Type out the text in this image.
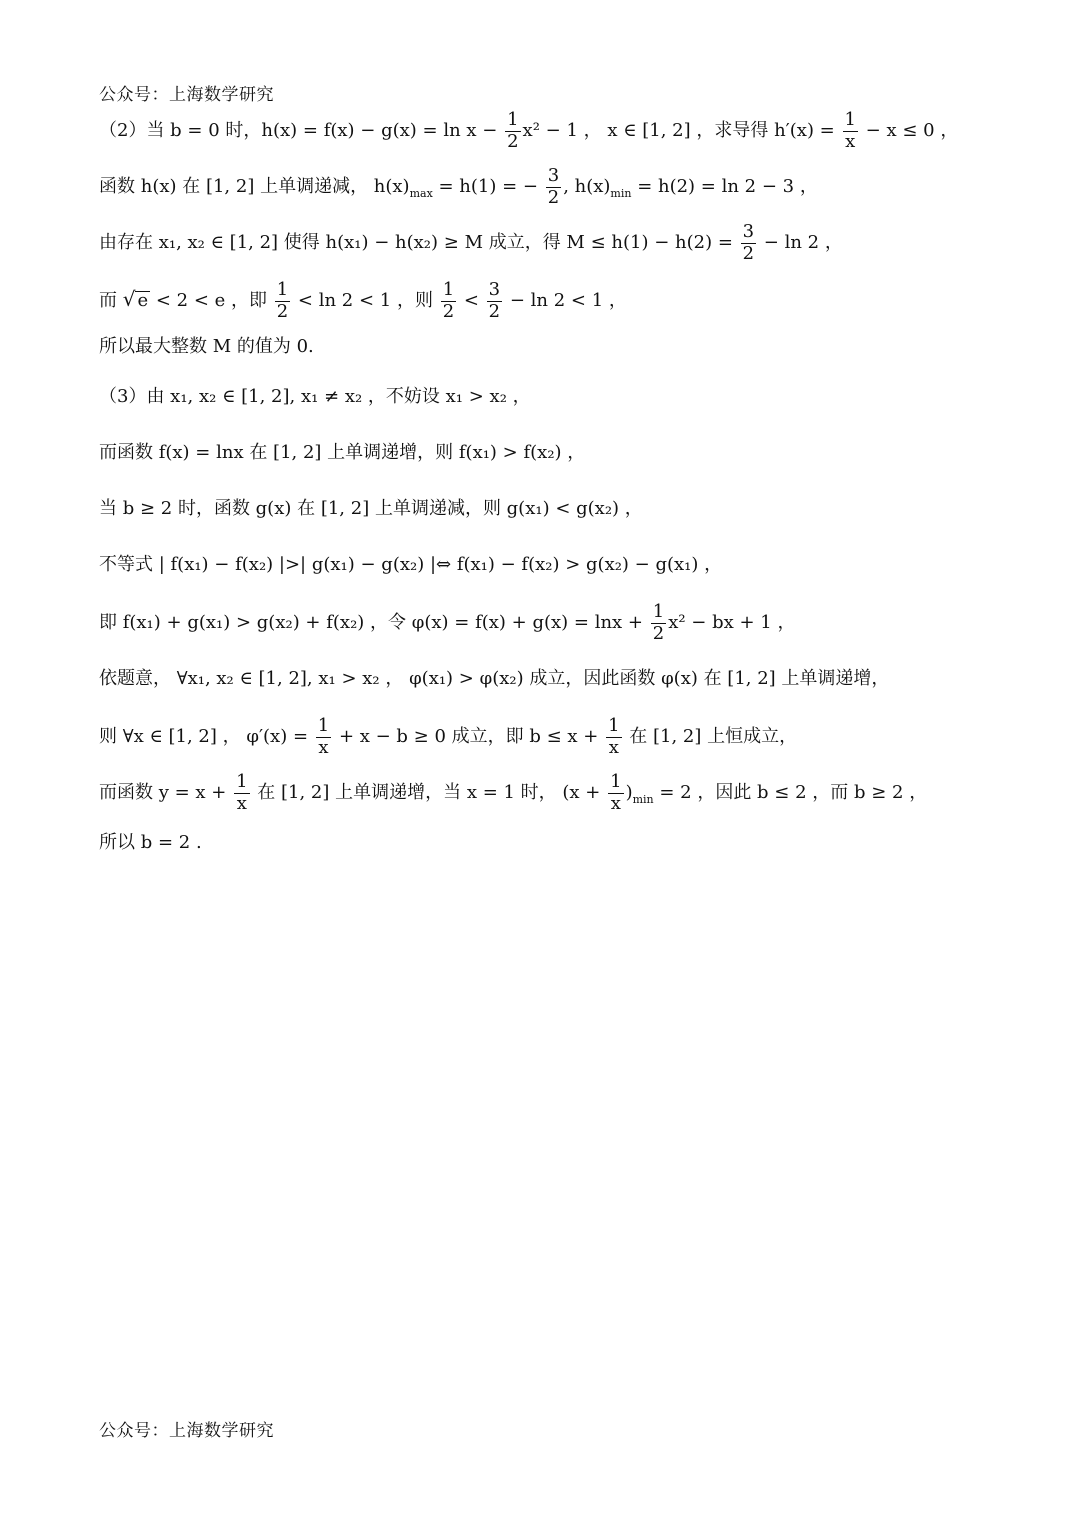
公众号：上海数学研究
（2）当 b = 0 时，$h(x) = f(x) - g(x) = \ln x - \frac{1}{2} x^2 - 1$ ， x ∈ [1, 2] ，求导得 $h'(x) = \frac{1}{x} - x \le 0$ ，
函数 h(x) 在 [1, 2] 上单调递减， $h(x)_{max} = h(1)$ = − $\frac{3}{2}$ , $h(x)_{min} = h(2) = \ln 2 - 3$ ，
由存在 x₁, x₂ ∈ [1, 2] 使得 h(x₁) − h(x₂) ≥ M 成立，得 $M \le h(1) - h(2) = \frac{3}{2} - \ln 2$ ，
而 √ e < 2 < e ，即 $\frac{1}{2} < \ln 2 < 1$ ，则 $\frac{1}{2} < \frac{3}{2} - \ln 2 < 1$ ，
所以最大整数 M 的值为 0.
（3）由 x₁, x₂ ∈ [1, 2], x₁ ≠ x₂ ，不妨设 x₁ > x₂ ，
而函数 f(x) = lnx 在 [1, 2] 上单调递增，则 f(x₁) > f(x₂) ，
当 b ≥ 2 时，函数 g(x) 在 [1, 2] 上单调递减，则 g(x₁) < g(x₂) ，
不等式 | f(x₁) − f(x₂) |>| g(x₁) − g(x₂) |⇔ f(x₁) − f(x₂) > g(x₂) − g(x₁) ，
即 f(x₁) + g(x₁) > g(x₂) + f(x₂) ，令 $\varphi(x) = f(x) + g(x) = \ln x + \frac{1}{2} x^2$ − bx + 1 ，
依题意， ∀x₁, x₂ ∈ [1, 2], x₁ > x₂ ， φ(x₁) > φ(x₂) 成立，因此函数 φ(x) 在 [1, 2] 上单调递增，
则 ∀x ∈ [1, 2] ， $\varphi'(x) = \frac{1}{x} + x - b \ge 0$ 成立，即 $b \le x + \frac{1}{x}$ 在 [1, 2] 上恒成立，
而函数 $y = x + \frac{1}{x}$ 在 [1, 2] 上单调递增，当 x = 1 时， $(x + \frac{1}{x} )_{min} = 2$ ，因此 b ≤ 2 ，而 b ≥ 2 ，
所以 b = 2 .
公众号：上海数学研究
